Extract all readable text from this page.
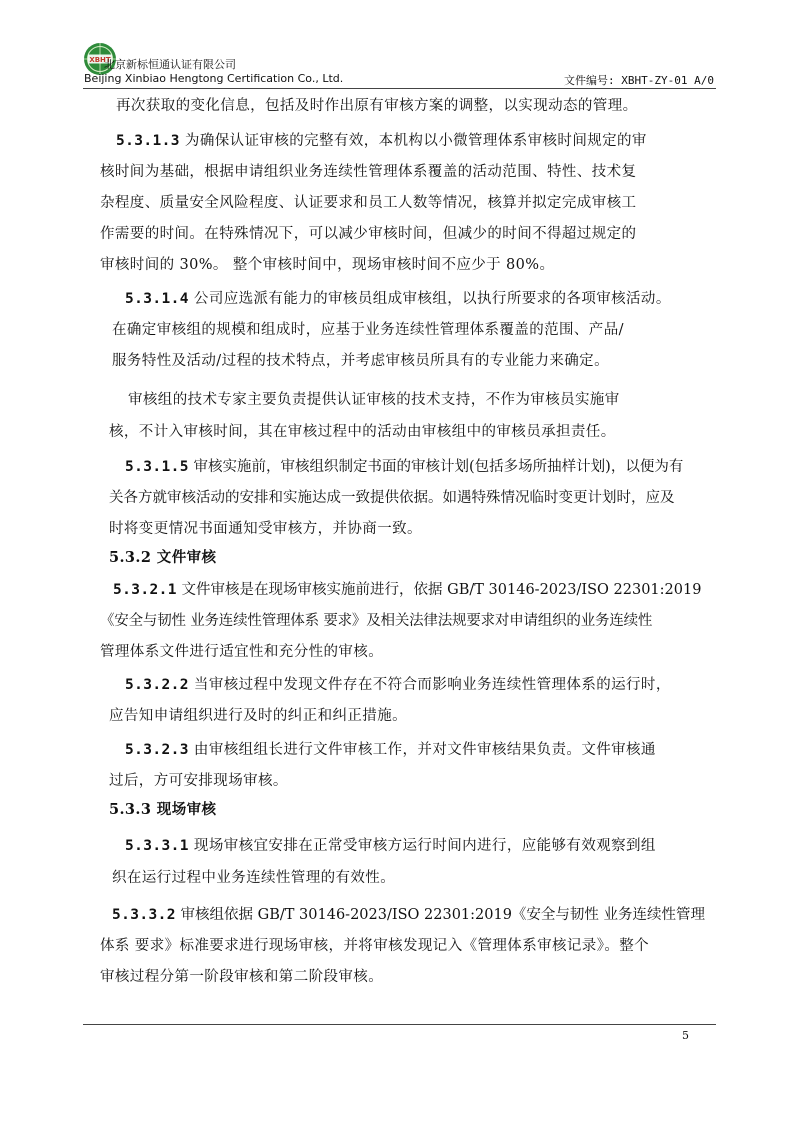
XBHT
北京新标恒通认证有限公司
Beijing Xinbiao Hengtong Certification Co., Ltd.	文件编号: XBHT-ZY-01 A/0
再次获取的变化信息，包括及时作出原有审核方案的调整，以实现动态的管理。
5.3.1.3 为确保认证审核的完整有效，本机构以小微管理体系审核时间规定的审
核时间为基础，根据申请组织业务连续性管理体系覆盖的活动范围、特性、技术复
杂程度、质量安全风险程度、认证要求和员工人数等情况，核算并拟定完成审核工
作需要的时间。在特殊情况下，可以减少审核时间，但减少的时间不得超过规定的
审核时间的 30%。 整个审核时间中，现场审核时间不应少于 80%。
5.3.1.4 公司应选派有能力的审核员组成审核组，以执行所要求的各项审核活动。
在确定审核组的规模和组成时，应基于业务连续性管理体系覆盖的范围、产品/
服务特性及活动/过程的技术特点，并考虑审核员所具有的专业能力来确定。
审核组的技术专家主要负责提供认证审核的技术支持，不作为审核员实施审
核，不计入审核时间，其在审核过程中的活动由审核组中的审核员承担责任。
5.3.1.5 审核实施前，审核组织制定书面的审核计划(包括多场所抽样计划)，以便为有
关各方就审核活动的安排和实施达成一致提供依据。如遇特殊情况临时变更计划时，应及
时将变更情况书面通知受审核方，并协商一致。
5.3.2 文件审核
5.3.2.1 文件审核是在现场审核实施前进行，依据 GB/T 30146-2023/ISO 22301:2019
《安全与韧性 业务连续性管理体系 要求》及相关法律法规要求对申请组织的业务连续性
管理体系文件进行适宜性和充分性的审核。
5.3.2.2 当审核过程中发现文件存在不符合而影响业务连续性管理体系的运行时，
应告知申请组织进行及时的纠正和纠正措施。
5.3.2.3 由审核组组长进行文件审核工作，并对文件审核结果负责。文件审核通
过后，方可安排现场审核。
5.3.3 现场审核
5.3.3.1 现场审核宜安排在正常受审核方运行时间内进行，应能够有效观察到组
织在运行过程中业务连续性管理的有效性。
5.3.3.2 审核组依据 GB/T 30146-2023/ISO 22301:2019《安全与韧性 业务连续性管理
体系 要求》标准要求进行现场审核，并将审核发现记入《管理体系审核记录》。整个
审核过程分第一阶段审核和第二阶段审核。
5
